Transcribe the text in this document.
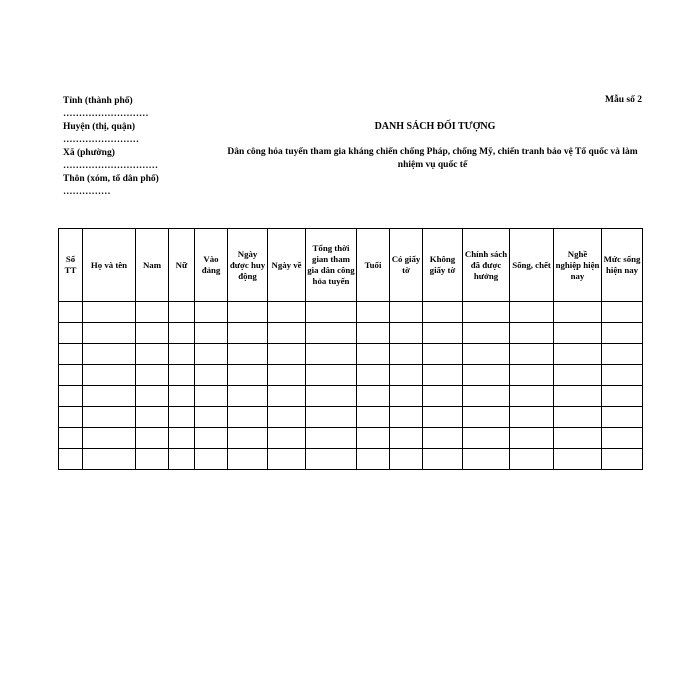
Tỉnh (thành phố)
………………………
Huyện (thị, quận)
……………………
Xã (phường)
…………………………
Thôn (xóm, tổ dân phố)
……………
Mẫu số 2
DANH SÁCH ĐỐI TƯỢNG
Dân công hỏa tuyến tham gia kháng chiến chống Pháp, chống Mỹ, chiến tranh bảo vệ Tổ quốc và làm nhiệm vụ quốc tế
Số TT	Họ và tên	Nam	Nữ	Vào đảng	Ngày được huy động	Ngày về	Tổng thời gian tham gia dân công hỏa tuyến	Tuổi	Có giấy tờ	Không giấy tờ	Chính sách đã được hưởng	Sống, chết	Nghề nghiệp hiện nay	Mức sống hiện nay
